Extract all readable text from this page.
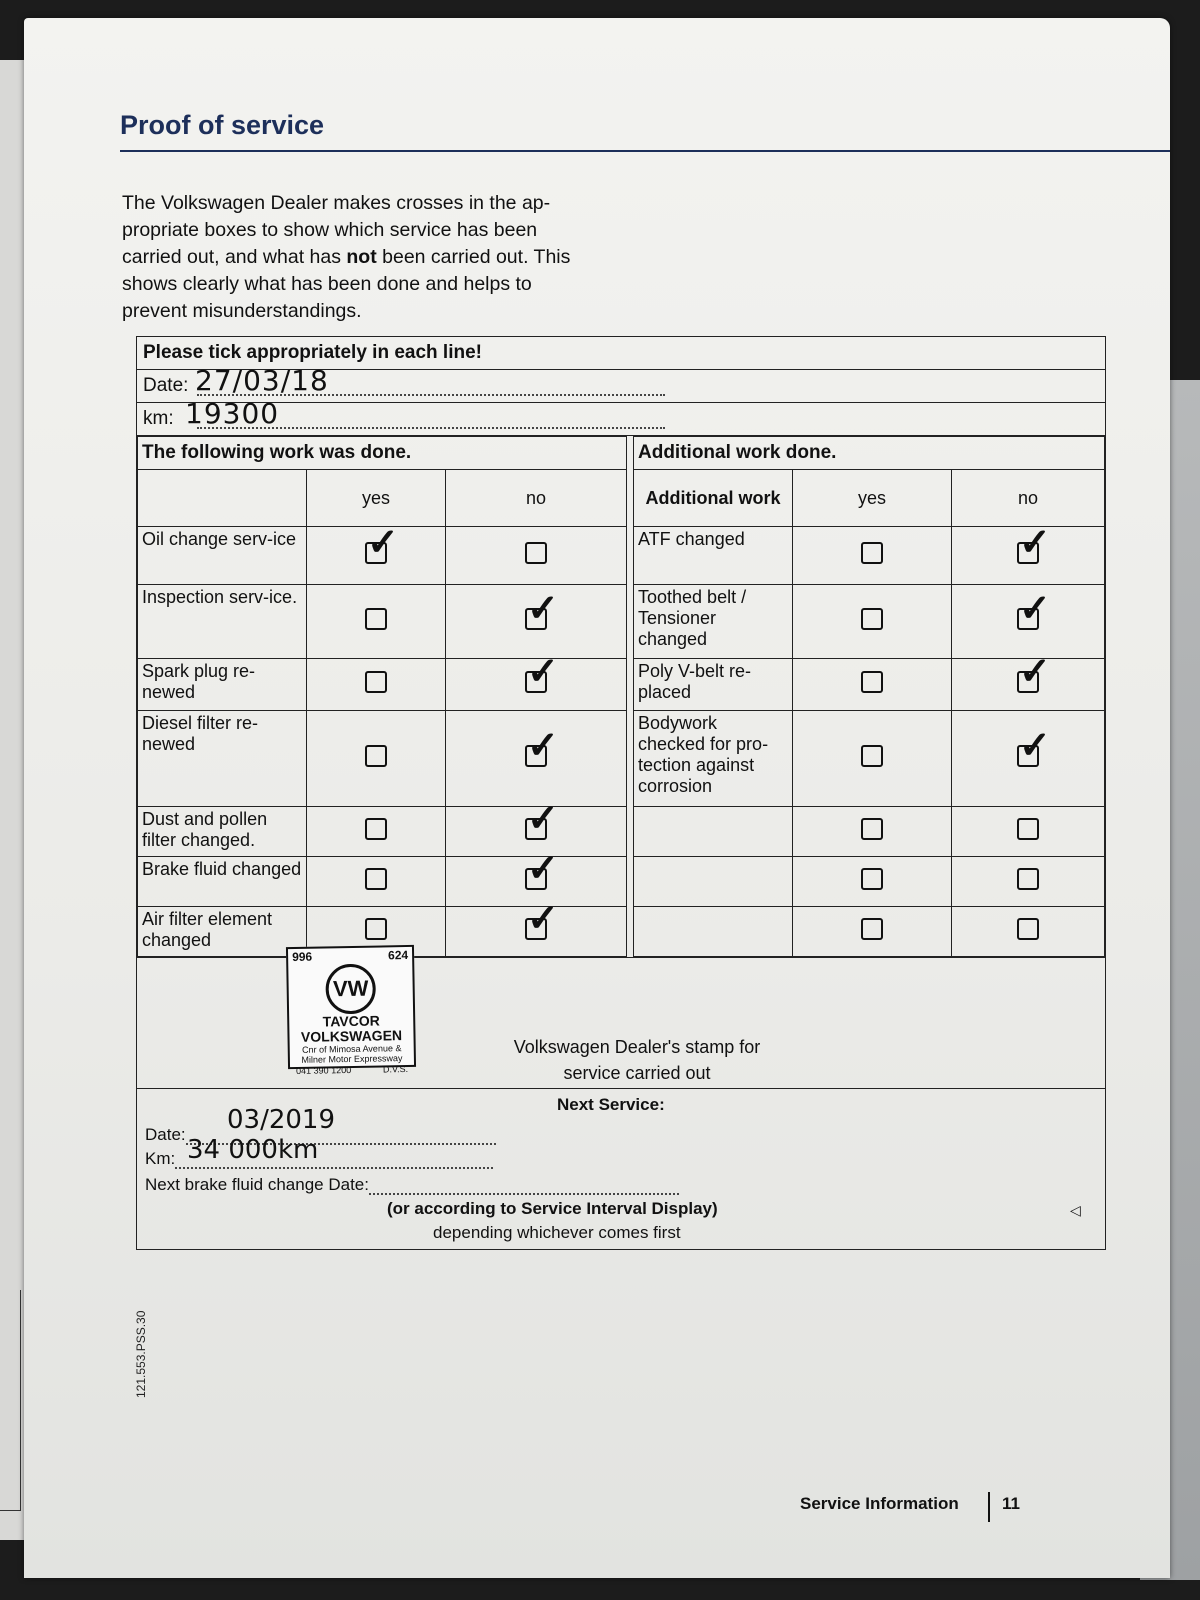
Proof of service

The Volkswagen Dealer makes crosses in the ap-propriate boxes to show which service has been carried out, and what has not been carried out. This shows clearly what has been done and helps to prevent misunderstandings.

Please tick appropriately in each line!
Date: 27/03/18
km: 19300
The following work was done.		
	yes	no
Oil change serv-ice	✓	
Inspection serv-ice.		✓
Spark plug re-newed		✓
Diesel filter re-newed		✓
Dust and pollen filter changed.		✓
Brake fluid changed		✓
Air filter element changed		✓
Additional work done.		
Additional work	yes	no
ATF changed		✓
Toothed belt / Tensioner changed		✓
Poly V-belt re-placed		✓
Bodywork checked for pro-tection against corrosion		✓

996	624
VW
TAVCOR
VOLKSWAGEN
Cnr of Mimosa Avenue &
Milner Motor Expressway
041 390 1200	D.V.S.
Volkswagen Dealer's stamp for service carried out
Next Service:
03/2019
Date:
34 000km
Km:
Next brake fluid change Date:
(or according to Service Interval Display)
depending whichever comes first
◁
121.553.PSS.30
Service Information	11
